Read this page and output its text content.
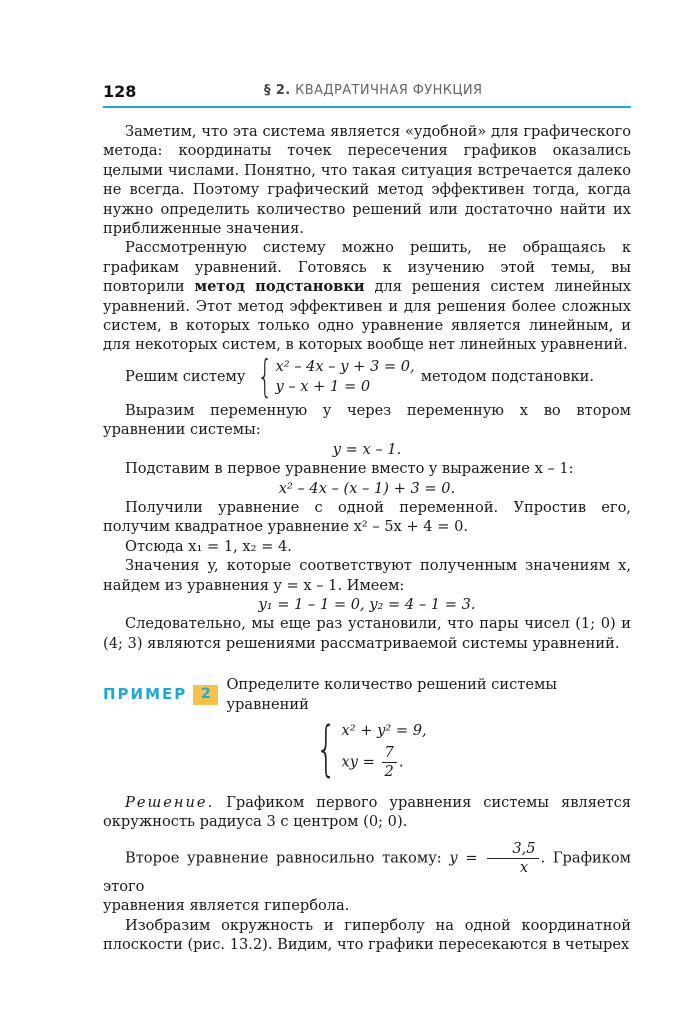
128	§ 2. КВАДРАТИЧНАЯ ФУНКЦИЯ

Заметим, что эта система является «удобной» для графического метода: координаты точек пересечения графиков оказались целыми числами. Понятно, что такая ситуация встречается далеко не всегда. Поэтому графический метод эффективен тогда, когда нужно определить количество решений или достаточно найти их приближенные значения.

Рассмотренную систему можно решить, не обращаясь к графикам уравнений. Готовясь к изучению этой темы, вы повторили метод подстановки для решения систем линейных уравнений. Этот метод эффективен и для решения более сложных систем, в которых только одно уравнение является линейным, и для некоторых систем, в которых вообще нет линейных уравнений.

Решим систему { x² – 4x – y + 3 = 0,
y – x + 1 = 0
методом подстановки.

Выразим переменную y через переменную x во втором уравнении системы:

y = x – 1.

Подставим в первое уравнение вместо y выражение x – 1:

x² – 4x – (x – 1) + 3 = 0.

Получили уравнение с одной переменной. Упростив его, получим квадратное уравнение x² – 5x + 4 = 0.

Отсюда x₁ = 1, x₂ = 4.

Значения y, которые соответствуют полученным значениям x, найдем из уравнения y = x – 1. Имеем:

y₁ = 1 – 1 = 0, y₂ = 4 – 1 = 3.

Следовательно, мы еще раз установили, что пары чисел (1; 0) и (4; 3) являются решениями рассматриваемой системы уравнений.

ПРИМЕР 2
Определите количество решений системы уравнений
{ x² + y² = 9,
xy = $\frac{7}{2}$ .

Решение. Графиком первого уравнения системы является окружность радиуса 3 с центром (0; 0).

Второе уравнение равносильно такому: $y = \frac{3,5}{x}$ . Графиком этого

уравнения является гипербола.

Изобразим окружность и гиперболу на одной координатной плоскости (рис. 13.2). Видим, что графики пересекаются в четырех
